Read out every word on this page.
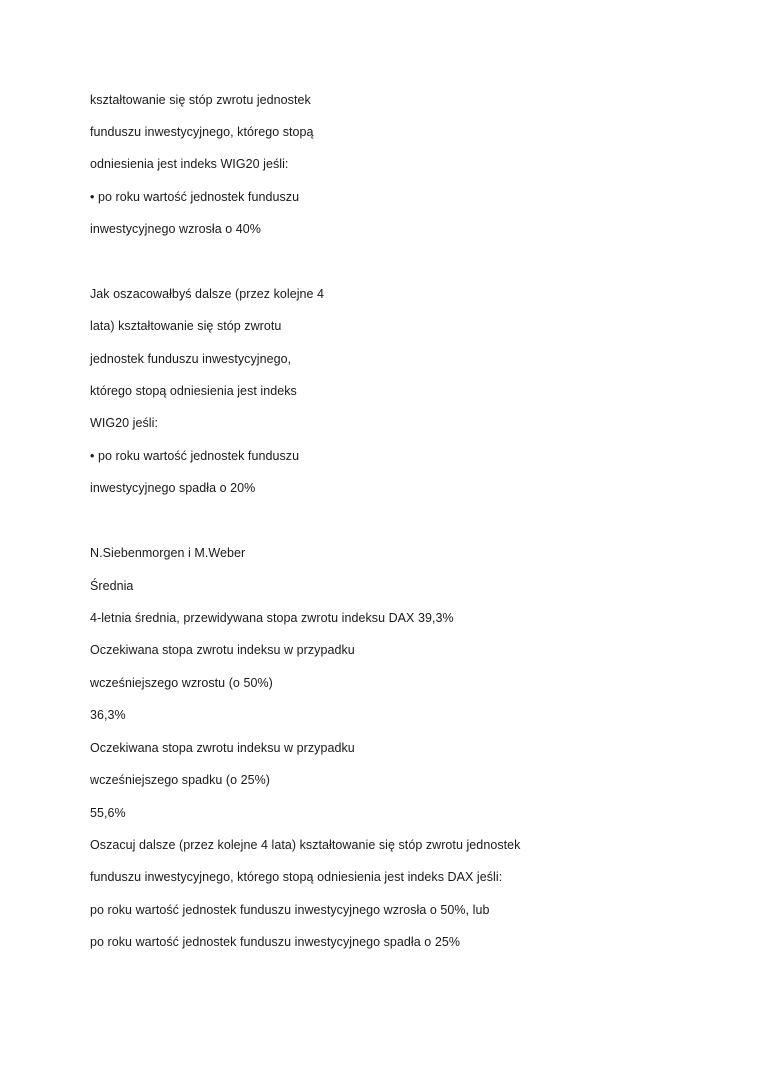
kształtowanie się stóp zwrotu jednostek
funduszu inwestycyjnego, którego stopą
odniesienia jest indeks WIG20 jeśli:
• po roku wartość jednostek funduszu
inwestycyjnego wzrosła o 40%
Jak oszacowałbyś dalsze (przez kolejne 4
lata) kształtowanie się stóp zwrotu
jednostek funduszu inwestycyjnego,
którego stopą odniesienia jest indeks
WIG20 jeśli:
• po roku wartość jednostek funduszu
inwestycyjnego spadła o 20%
N.Siebenmorgen i M.Weber
Średnia
4-letnia średnia, przewidywana stopa zwrotu indeksu DAX 39,3%
Oczekiwana stopa zwrotu indeksu w przypadku
wcześniejszego wzrostu (o 50%)
36,3%
Oczekiwana stopa zwrotu indeksu w przypadku
wcześniejszego spadku (o 25%)
55,6%
Oszacuj dalsze (przez kolejne 4 lata) kształtowanie się stóp zwrotu jednostek
funduszu inwestycyjnego, którego stopą odniesienia jest indeks DAX jeśli:
po roku wartość jednostek funduszu inwestycyjnego wzrosła o 50%, lub
po roku wartość jednostek funduszu inwestycyjnego spadła o 25%
